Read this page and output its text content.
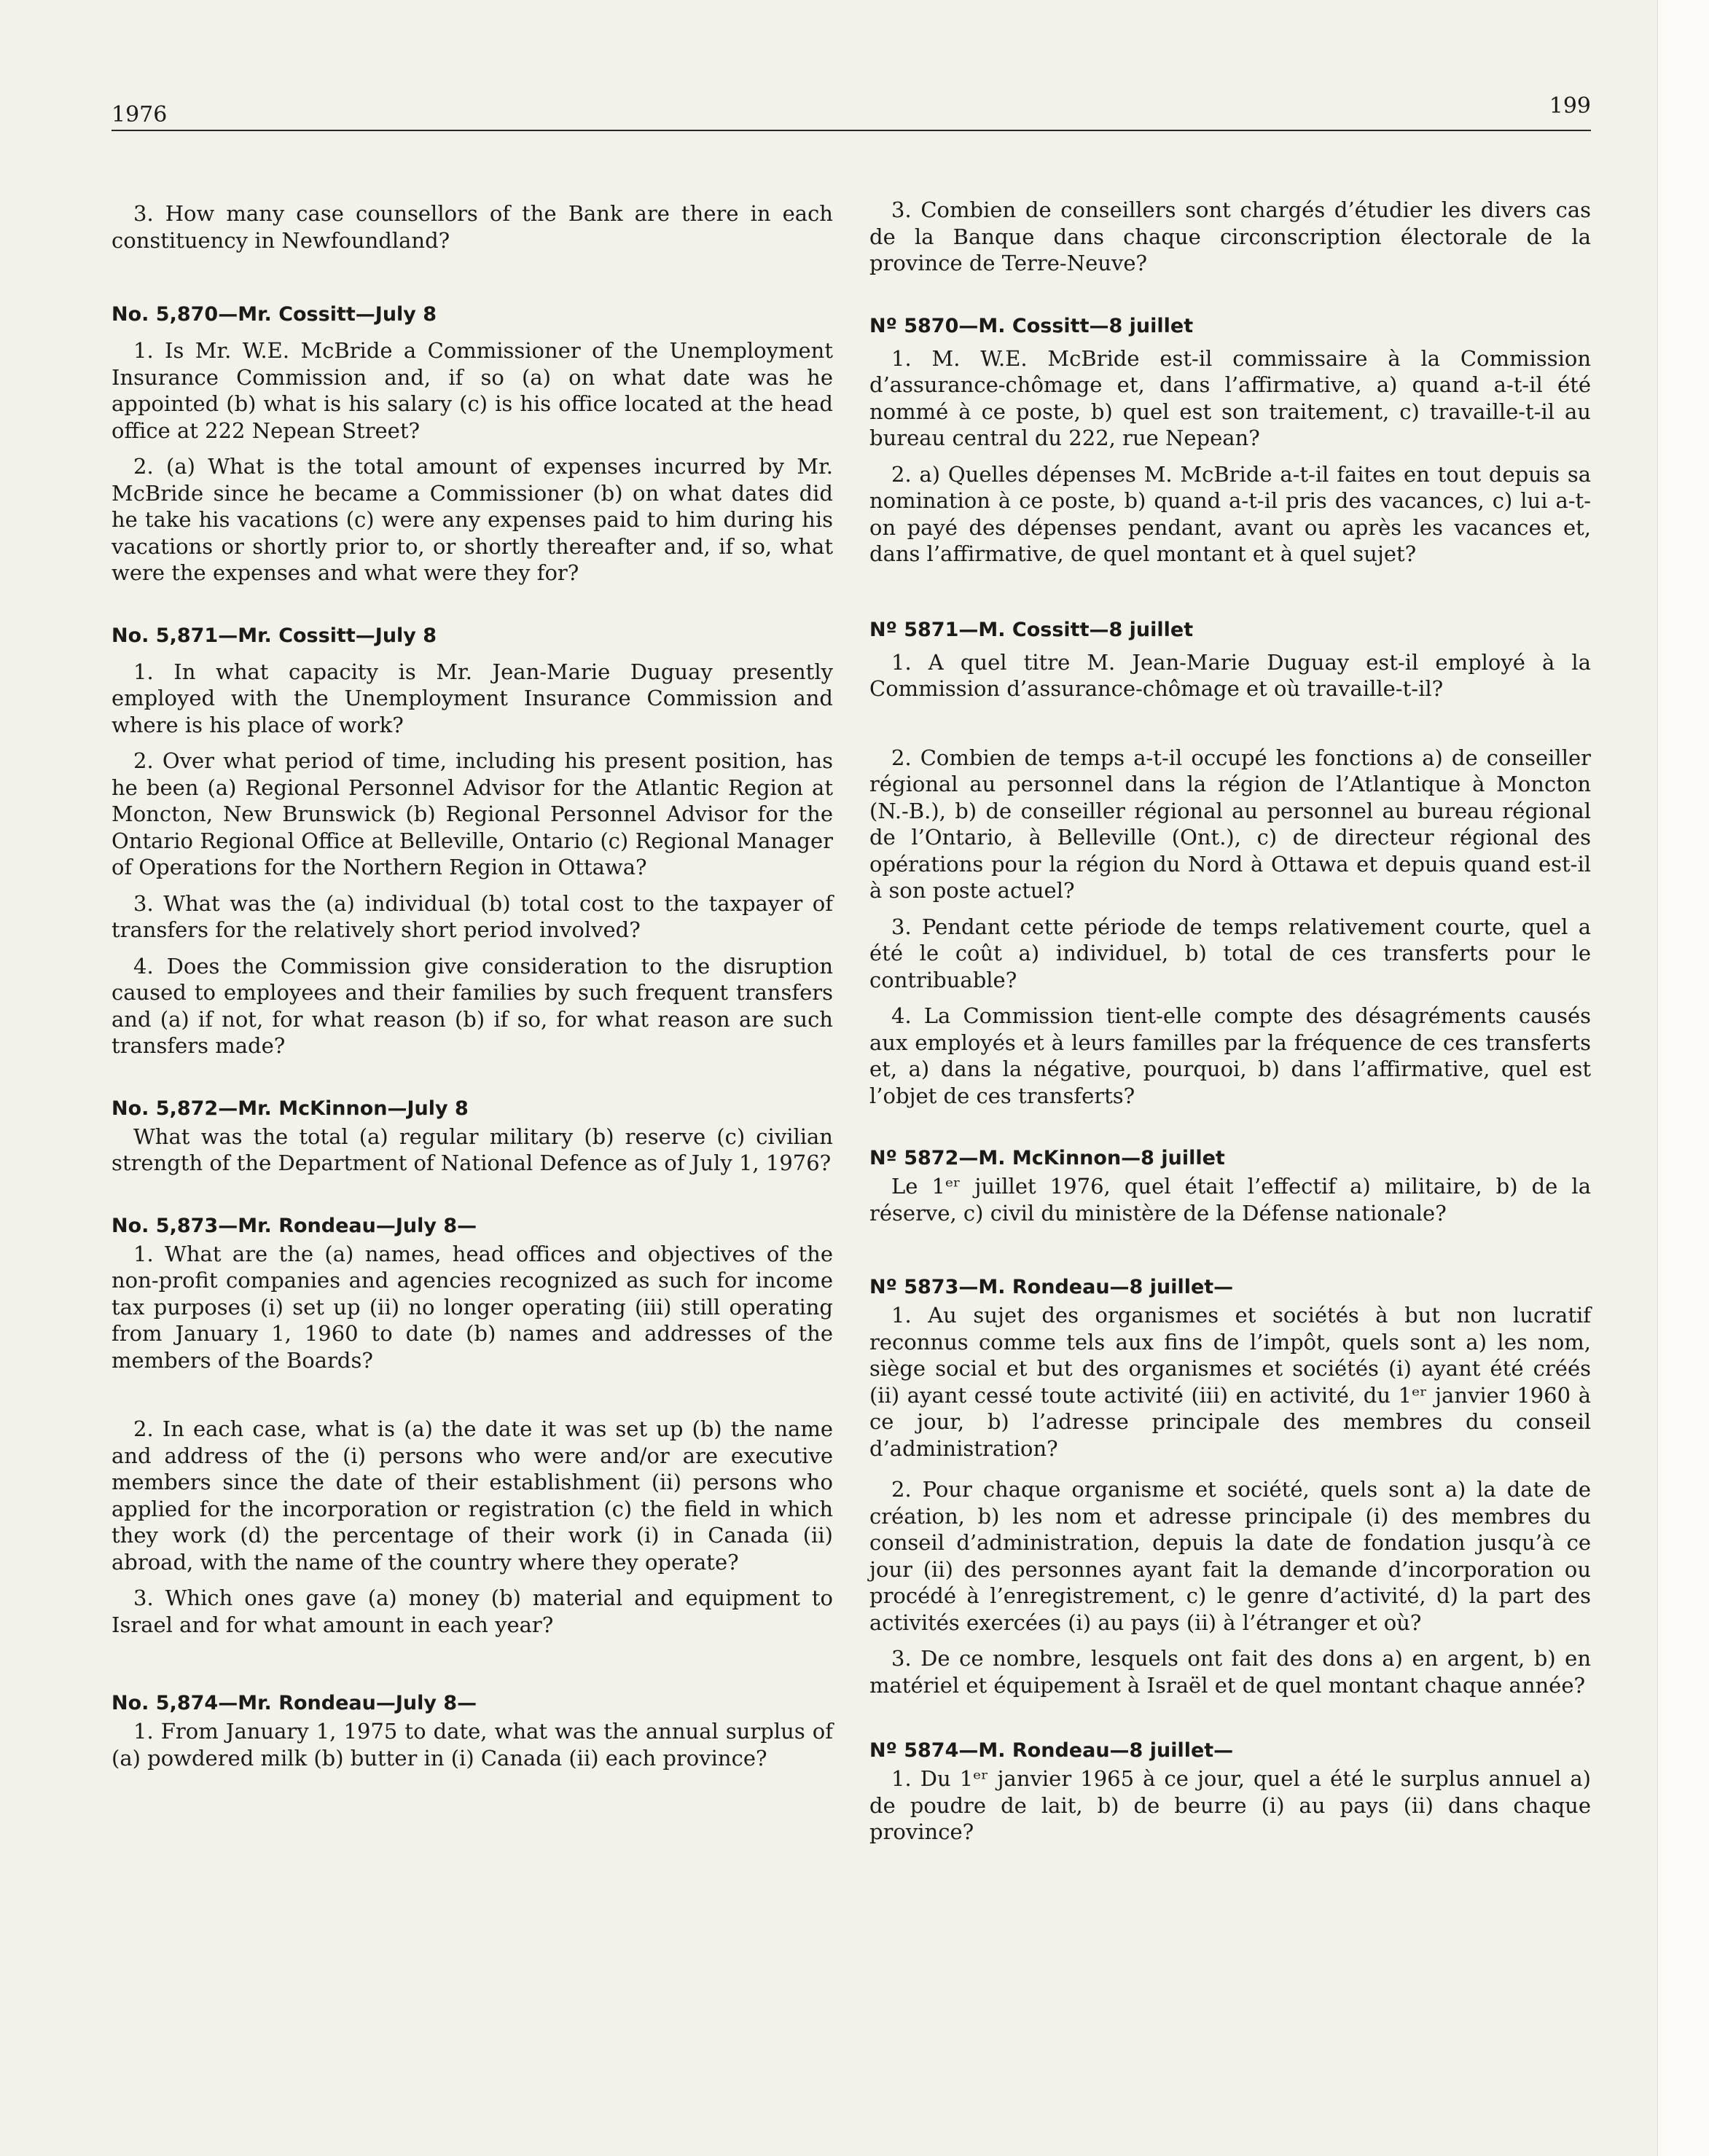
1976	199

3. How many case counsellors of the Bank are there in each constituency in Newfoundland?

No. 5,870—Mr. Cossitt—July 8

1. Is Mr. W.E. McBride a Commissioner of the Unemployment Insurance Commission and, if so (a) on what date was he appointed (b) what is his salary (c) is his office located at the head office at 222 Nepean Street?

2. (a) What is the total amount of expenses incurred by Mr. McBride since he became a Commissioner (b) on what dates did he take his vacations (c) were any expenses paid to him during his vacations or shortly prior to, or shortly thereafter and, if so, what were the expenses and what were they for?

No. 5,871—Mr. Cossitt—July 8

1. In what capacity is Mr. Jean-Marie Duguay presently employed with the Unemployment Insurance Commission and where is his place of work?

2. Over what period of time, including his present position, has he been (a) Regional Personnel Advisor for the Atlantic Region at Moncton, New Brunswick (b) Regional Personnel Advisor for the Ontario Regional Office at Belleville, Ontario (c) Regional Manager of Operations for the Northern Region in Ottawa?

3. What was the (a) individual (b) total cost to the taxpayer of transfers for the relatively short period involved?

4. Does the Commission give consideration to the disruption caused to employees and their families by such frequent transfers and (a) if not, for what reason (b) if so, for what reason are such transfers made?

No. 5,872—Mr. McKinnon—July 8

What was the total (a) regular military (b) reserve (c) civilian strength of the Department of National Defence as of July 1, 1976?

No. 5,873—Mr. Rondeau—July 8—

1. What are the (a) names, head offices and objectives of the non-profit companies and agencies recognized as such for income tax purposes (i) set up (ii) no longer operating (iii) still operating from January 1, 1960 to date (b) names and addresses of the members of the Boards?

2. In each case, what is (a) the date it was set up (b) the name and address of the (i) persons who were and/or are executive members since the date of their establishment (ii) persons who applied for the incorporation or registration (c) the field in which they work (d) the percentage of their work (i) in Canada (ii) abroad, with the name of the country where they operate?

3. Which ones gave (a) money (b) material and equipment to Israel and for what amount in each year?

No. 5,874—Mr. Rondeau—July 8—

1. From January 1, 1975 to date, what was the annual surplus of (a) powdered milk (b) butter in (i) Canada (ii) each province?

3. Combien de conseillers sont chargés d’étudier les divers cas de la Banque dans chaque circonscription électorale de la province de Terre-Neuve?

Nº 5870—M. Cossitt—8 juillet

1. M. W.E. McBride est-il commissaire à la Commission d’assurance-chômage et, dans l’affirmative, a) quand a-t-il été nommé à ce poste, b) quel est son traitement, c) travaille-t-il au bureau central du 222, rue Nepean?

2. a) Quelles dépenses M. McBride a-t-il faites en tout depuis sa nomination à ce poste, b) quand a-t-il pris des vacances, c) lui a-t-on payé des dépenses pendant, avant ou après les vacances et, dans l’affirmative, de quel montant et à quel sujet?

Nº 5871—M. Cossitt—8 juillet

1. A quel titre M. Jean-Marie Duguay est-il employé à la Commission d’assurance-chômage et où travaille-t-il?

2. Combien de temps a-t-il occupé les fonctions a) de conseiller régional au personnel dans la région de l’Atlantique à Moncton (N.-B.), b) de conseiller régional au personnel au bureau régional de l’Ontario, à Belleville (Ont.), c) de directeur régional des opérations pour la région du Nord à Ottawa et depuis quand est-il à son poste actuel?

3. Pendant cette période de temps relativement courte, quel a été le coût a) individuel, b) total de ces transferts pour le contribuable?

4. La Commission tient-elle compte des désagréments causés aux employés et à leurs familles par la fréquence de ces transferts et, a) dans la négative, pourquoi, b) dans l’affirmative, quel est l’objet de ces transferts?

Nº 5872—M. McKinnon—8 juillet

Le 1ᵉʳ juillet 1976, quel était l’effectif a) militaire, b) de la réserve, c) civil du ministère de la Défense nationale?

Nº 5873—M. Rondeau—8 juillet—

1. Au sujet des organismes et sociétés à but non lucratif reconnus comme tels aux fins de l’impôt, quels sont a) les nom, siège social et but des organismes et sociétés (i) ayant été créés (ii) ayant cessé toute activité (iii) en activité, du 1ᵉʳ janvier 1960 à ce jour, b) l’adresse principale des membres du conseil d’administration?

2. Pour chaque organisme et société, quels sont a) la date de création, b) les nom et adresse principale (i) des membres du conseil d’administration, depuis la date de fondation jusqu’à ce jour (ii) des personnes ayant fait la demande d’incorporation ou procédé à l’enregistrement, c) le genre d’activité, d) la part des activités exercées (i) au pays (ii) à l’étranger et où?

3. De ce nombre, lesquels ont fait des dons a) en argent, b) en matériel et équipement à Israël et de quel montant chaque année?

Nº 5874—M. Rondeau—8 juillet—

1. Du 1ᵉʳ janvier 1965 à ce jour, quel a été le surplus annuel a) de poudre de lait, b) de beurre (i) au pays (ii) dans chaque province?
